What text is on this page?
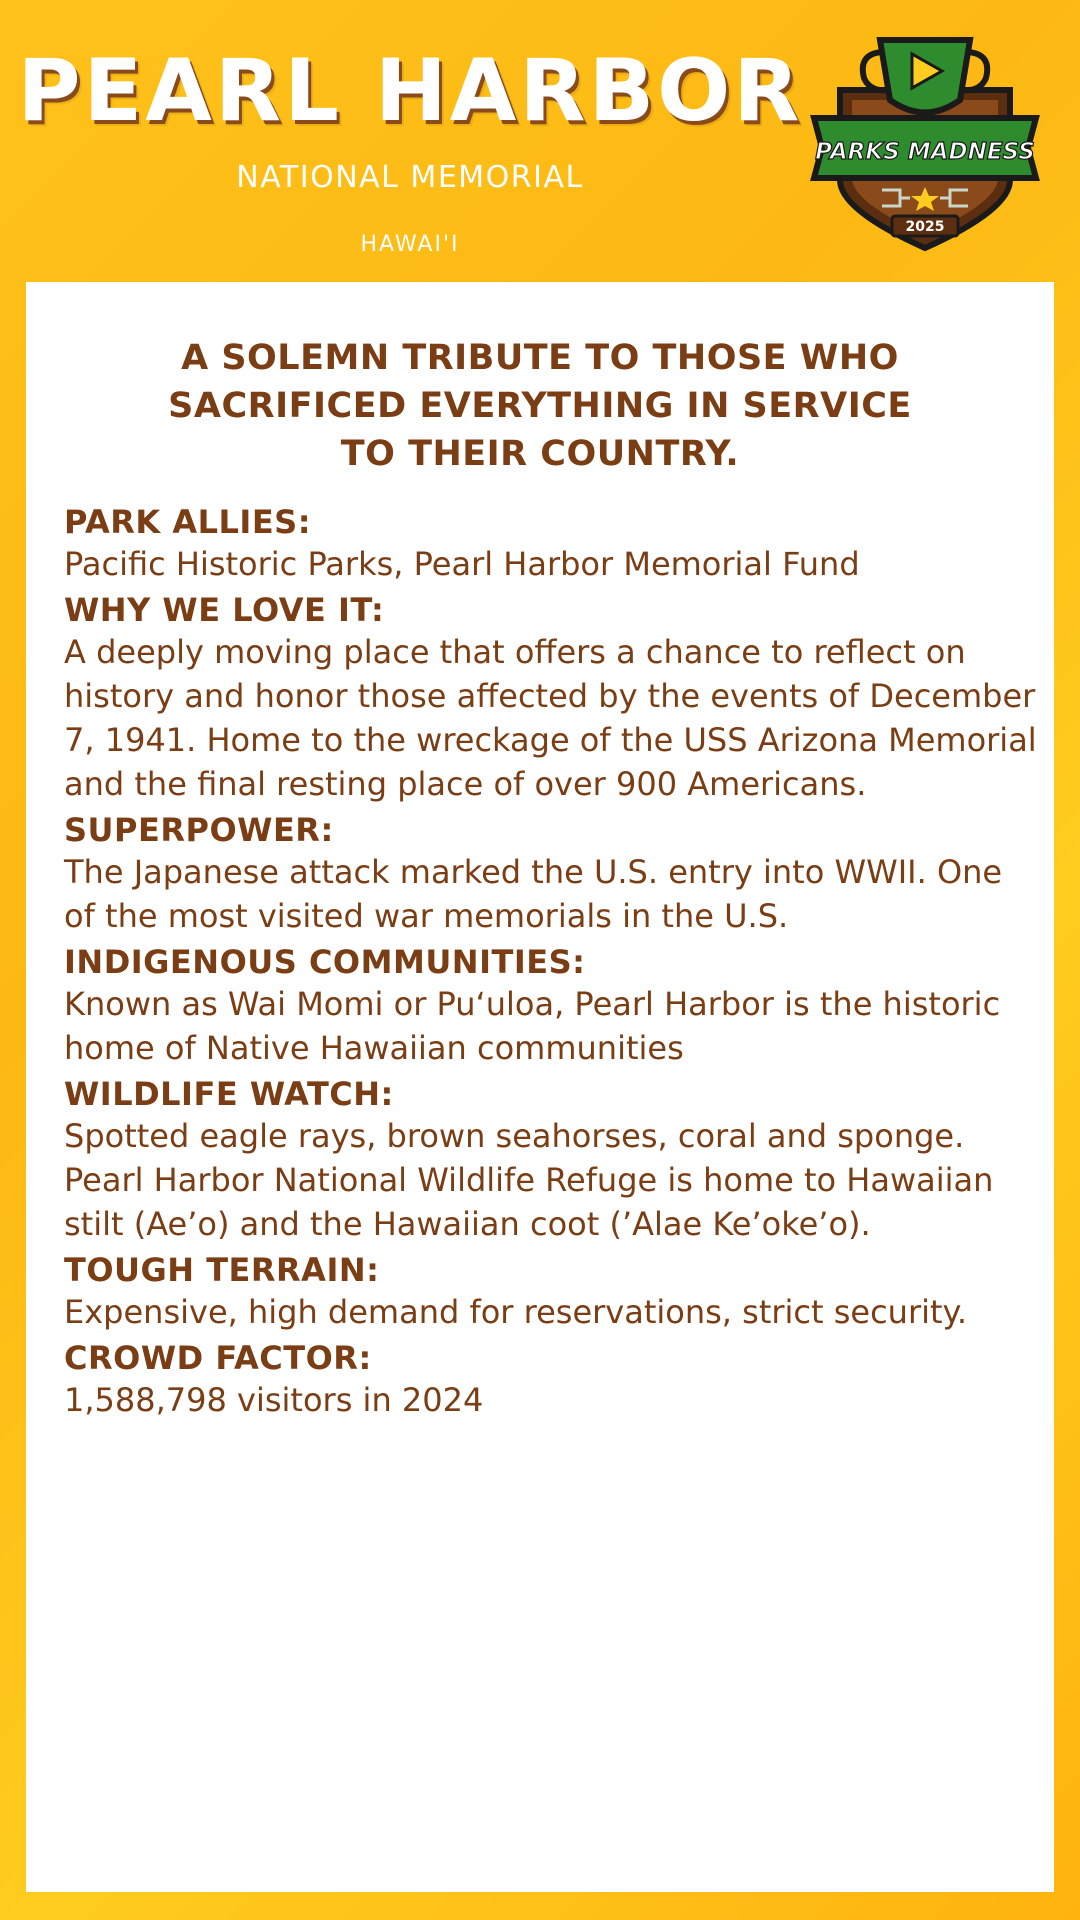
PEARL HARBOR
NATIONAL MEMORIAL
HAWAI'I
PARKS MADNESS
2025
A SOLEMN TRIBUTE TO THOSE WHO
SACRIFICED EVERYTHING IN SERVICE
TO THEIR COUNTRY.
PARK ALLIES:

Pacific Historic Parks, Pearl Harbor Memorial Fund

WHY WE LOVE IT:

A deeply moving place that offers a chance to reflect on history and honor those affected by the events of December 7, 1941. Home to the wreckage of the USS Arizona Memorial and the final resting place of over 900 Americans.

SUPERPOWER:

The Japanese attack marked the U.S. entry into WWII. One of the most visited war memorials in the U.S.

INDIGENOUS COMMUNITIES:

Known as Wai Momi or Pu‘uloa, Pearl Harbor is the historic home of Native Hawaiian communities

WILDLIFE WATCH:

Spotted eagle rays, brown seahorses, coral and sponge. Pearl Harbor National Wildlife Refuge is home to Hawaiian stilt (Ae’o) and the Hawaiian coot (’Alae Ke’oke’o).

TOUGH TERRAIN:

Expensive, high demand for reservations, strict security.

CROWD FACTOR:

1,588,798 visitors in 2024
